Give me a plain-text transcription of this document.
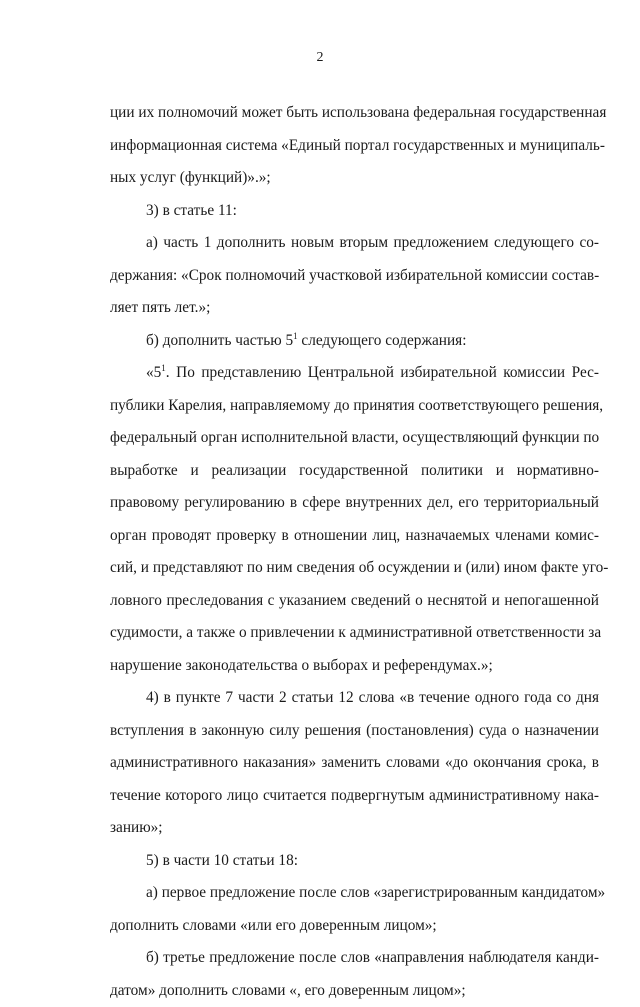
2
ции их полномочий может быть использована федеральная государственная
информационная система «Единый портал государственных и муниципаль-
ных услуг (функций)».»;
3) в статье 11:
а) часть 1 дополнить новым вторым предложением следующего со-
держания: «Срок полномочий участковой избирательной комиссии состав-
ляет пять лет.»;
б) дополнить частью $5^1$ следующего содержания:
«$5^1$. По представлению Центральной избирательной комиссии Рес-
публики Карелия, направляемому до принятия соответствующего решения,
федеральный орган исполнительной власти, осуществляющий функции по
выработке и реализации государственной политики и нормативно-
правовому регулированию в сфере внутренних дел, его территориальный
орган проводят проверку в отношении лиц, назначаемых членами комис-
сий, и представляют по ним сведения об осуждении и (или) ином факте уго-
ловного преследования с указанием сведений о неснятой и непогашенной
судимости, а также о привлечении к административной ответственности за
нарушение законодательства о выборах и референдумах.»;
4) в пункте 7 части 2 статьи 12 слова «в течение одного года со дня
вступления в законную силу решения (постановления) суда о назначении
административного наказания» заменить словами «до окончания срока, в
течение которого лицо считается подвергнутым административному нака-
занию»;
5) в части 10 статьи 18:
а) первое предложение после слов «зарегистрированным кандидатом»
дополнить словами «или его доверенным лицом»;
б) третье предложение после слов «направления наблюдателя канди-
датом» дополнить словами «, его доверенным лицом»;
